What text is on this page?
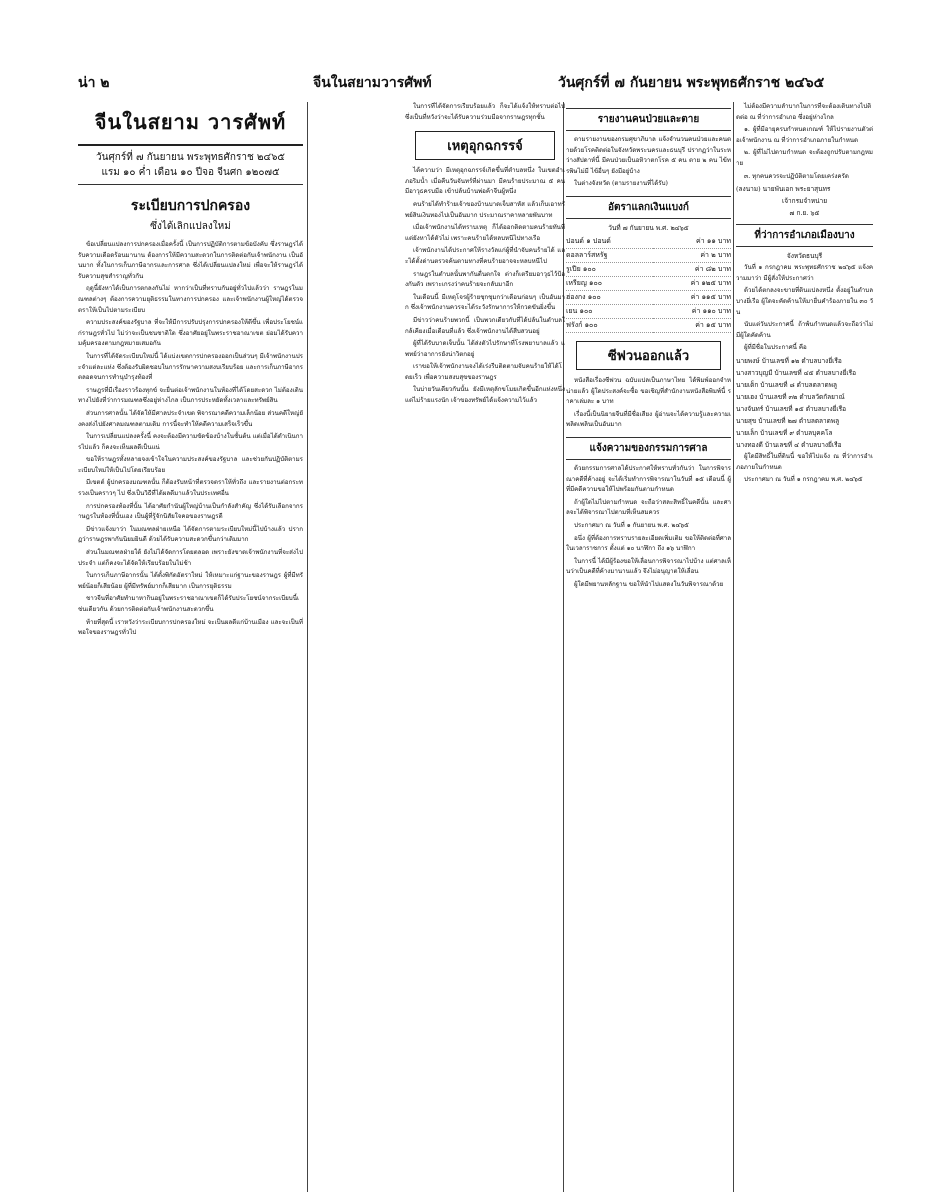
น่า ๒	จีนในสยามวารศัพท์	วันศุกร์ที่ ๗ กันยายน พระพุทธศักราช ๒๔๖๕
จีนในสยาม วารศัพท์
วันศุกร์ที่ ๗ กันยายน พระพุทธศักราช ๒๔๖๕
แรม ๑๐ ค่ำ เดือน ๑๐ ปีจอ จีนศก ๑๒๐๗๕
ระเบียบการปกครอง
ซึ่งได้เลิกแปลงใหม่

ข้อเปลี่ยนแปลงการปกครองเมื่อครั้งนี้ เป็นการปฏิบัติการตามข้อบังคับ ซึ่งราษฎรได้รับความเดือดร้อนมานาน ต้องการให้มีความสะดวกในการติดต่อกับเจ้าพนักงาน เป็นอันมาก ทั้งในการเก็บภาษีอากรและการศาล ซึ่งได้เปลี่ยนแปลงใหม่ เพื่อจะให้ราษฎรได้รับความสุขสำราญทั่วกัน

ฤดูนี้ยังหาได้เป็นการตกลงกันไม่ หากว่าเป็นที่ทราบกันอยู่ทั่วไปแล้วว่า ราษฎรในมณฑลต่างๆ ต้องการความยุติธรรมในทางการปกครอง และเจ้าพนักงานผู้ใหญ่ได้ตรวจตราให้เป็นไปตามระเบียบ

ความประสงค์ของรัฐบาล ที่จะให้มีการปรับปรุงการปกครองให้ดีขึ้น เพื่อประโยชน์แก่ราษฎรทั่วไป ไม่ว่าจะเป็นชนชาติใด ซึ่งอาศัยอยู่ในพระราชอาณาเขต ย่อมได้รับความคุ้มครองตามกฎหมายเสมอกัน

ในการที่ได้จัดระเบียบใหม่นี้ ได้แบ่งเขตการปกครองออกเป็นส่วนๆ มีเจ้าพนักงานประจำแต่ละแห่ง ซึ่งต้องรับผิดชอบในการรักษาความสงบเรียบร้อย และการเก็บภาษีอากร ตลอดจนการทำนุบำรุงท้องที่

ราษฎรที่มีเรื่องราวร้องทุกข์ จะยื่นต่อเจ้าพนักงานในท้องที่ได้โดยสะดวก ไม่ต้องเดินทางไปยังที่ว่าการมณฑลซึ่งอยู่ห่างไกล เป็นการประหยัดทั้งเวลาและทรัพย์สิน

ส่วนการศาลนั้น ได้จัดให้มีศาลประจำเขต พิจารณาคดีความเล็กน้อย ส่วนคดีใหญ่ยังคงส่งไปยังศาลมณฑลตามเดิม การนี้จะทำให้คดีความเสร็จเร็วขึ้น

ในการเปลี่ยนแปลงครั้งนี้ คงจะต้องมีความขัดข้องบ้างในชั้นต้น แต่เมื่อได้ดำเนินการไปแล้ว ก็คงจะเห็นผลดีเป็นแน่

ขอให้ราษฎรทั้งหลายจงเข้าใจในความประสงค์ของรัฐบาล และช่วยกันปฏิบัติตามระเบียบใหม่ให้เป็นไปโดยเรียบร้อย

มีเขตต์ ผู้ปกครองมณฑลนั้น ก็ต้องรับหน้าที่ตรวจตราให้ทั่วถึง และรายงานต่อกระทรวงเป็นคราวๆ ไป ซึ่งเป็นวิธีที่ได้ผลดีมาแล้วในประเทศอื่น

การปกครองท้องที่นั้น ได้อาศัยกำนันผู้ใหญ่บ้านเป็นกำลังสำคัญ ซึ่งได้รับเลือกจากราษฎรในท้องที่นั้นเอง เป็นผู้ที่รู้จักนิสัยใจคอของราษฎรดี

มีข่าวแจ้งมาว่า ในมณฑลฝ่ายเหนือ ได้จัดการตามระเบียบใหม่นี้ไปบ้างแล้ว ปรากฏว่าราษฎรพากันนิยมยินดี ด้วยได้รับความสะดวกขึ้นกว่าเดิมมาก

ส่วนในมณฑลฝ่ายใต้ ยังไม่ได้จัดการโดยตลอด เพราะยังขาดเจ้าพนักงานที่จะส่งไปประจำ แต่ก็คงจะได้จัดให้เรียบร้อยในไม่ช้า

ในการเก็บภาษีอากรนั้น ได้ตั้งพิกัดอัตราใหม่ ให้เหมาะแก่ฐานะของราษฎร ผู้ที่มีทรัพย์น้อยก็เสียน้อย ผู้ที่มีทรัพย์มากก็เสียมาก เป็นการยุติธรรม

ชาวจีนที่อาศัยทำมาหากินอยู่ในพระราชอาณาเขตก็ได้รับประโยชน์จากระเบียบนี้เช่นเดียวกัน ด้วยการติดต่อกับเจ้าพนักงานสะดวกขึ้น

ท้ายที่สุดนี้ เราหวังว่าระเบียบการปกครองใหม่ จะเป็นผลดีแก่บ้านเมือง และจะเป็นที่พอใจของราษฎรทั่วไป

ในการที่ได้จัดการเรียบร้อยแล้ว ก็จะได้แจ้งให้ทราบต่อไป ซึ่งเป็นที่หวังว่าจะได้รับความร่วมมือจากราษฎรทุกชั้น

เหตุอุกฉกรรจ์

ได้ความว่า มีเหตุอุกฉกรรจ์เกิดขึ้นที่ตำบลหนึ่ง ในเขตอำเภอริมน้ำ เมื่อคืนวันจันทร์ที่ผ่านมา มีคนร้ายประมาณ ๕ คน มีอาวุธครบมือ เข้าปล้นบ้านพ่อค้าจีนผู้หนึ่ง

คนร้ายได้ทำร้ายเจ้าของบ้านบาดเจ็บสาหัส แล้วเก็บเอาทรัพย์สินเงินทองไปเป็นอันมาก ประมาณราคาหลายพันบาท

เมื่อเจ้าพนักงานได้ทราบเหตุ ก็ได้ออกติดตามคนร้ายทันที แต่ยังหาได้ตัวไม่ เพราะคนร้ายได้หลบหนีไปทางเรือ

เจ้าพนักงานได้ประกาศให้รางวัลแก่ผู้ที่นำจับคนร้ายได้ และได้ตั้งด่านตรวจค้นตามทางที่คนร้ายอาจจะหลบหนีไป

ราษฎรในตำบลนั้นพากันตื่นตกใจ ต่างก็เตรียมอาวุธไว้ป้องกันตัว เพราะเกรงว่าคนร้ายจะกลับมาอีก

ในเดือนนี้ มีเหตุโจรผู้ร้ายชุกชุมกว่าเดือนก่อนๆ เป็นอันมาก ซึ่งเจ้าพนักงานควรจะได้ระวังรักษาการให้กวดขันยิ่งขึ้น

มีข่าวว่าคนร้ายพวกนี้ เป็นพวกเดียวกับที่ได้ปล้นในตำบลใกล้เคียงเมื่อเดือนที่แล้ว ซึ่งเจ้าพนักงานได้สืบสวนอยู่

ผู้ที่ได้รับบาดเจ็บนั้น ได้ส่งตัวไปรักษาที่โรงพยาบาลแล้ว แพทย์ว่าอาการยังน่าวิตกอยู่

เราขอให้เจ้าพนักงานจงได้เร่งรีบติดตามจับคนร้ายให้ได้โดยเร็ว เพื่อความสงบสุขของราษฎร

ในบ่ายวันเดียวกันนั้น ยังมีเหตุลักขโมยเกิดขึ้นอีกแห่งหนึ่ง แต่ไม่ร้ายแรงนัก เจ้าของทรัพย์ได้แจ้งความไว้แล้ว

รายงานคนป่วยและตาย

ตามรายงานของกรมศุขาภิบาล แจ้งจำนวนคนป่วยและคนตายด้วยโรคติดต่อในจังหวัดพระนครและธนบุรี ปรากฏว่าในระหว่างสัปดาห์นี้ มีคนป่วยเป็นอหิวาตกโรค ๕ คน ตาย ๒ คน ไข้ทรพิษไม่มี ไข้อื่นๆ ยังมีอยู่บ้าง

ในต่างจังหวัด (ตามรายงานที่ได้รับ)

อัตราแลกเงินแบงก์
วันที่ ๗ กันยายน พ.ศ. ๒๔๖๕
ปอนด์ ๑ ปอนด์	ค่า ๑๑ บาท
ดอลลาร์สหรัฐ	ค่า ๒ บาท
รูเปีย ๑๐๐	ค่า ๘๒ บาท
เหรียญ ๑๐๐	ค่า ๑๒๕ บาท
ฮ่องกง ๑๐๐	ค่า ๑๑๕ บาท
เยน ๑๐๐	ค่า ๑๑๐ บาท
ฟรังก์ ๑๐๐	ค่า ๑๕ บาท
ซีฟวนออกแล้ว

หนังสือเรื่องซีฟวน ฉบับแปลเป็นภาษาไทย ได้พิมพ์ออกจำหน่ายแล้ว ผู้ใดประสงค์จะซื้อ ขอเชิญที่สำนักงานหนังสือพิมพ์นี้ ราคาเล่มละ ๑ บาท

เรื่องนี้เป็นนิยายจีนที่มีชื่อเสียง ผู้อ่านจะได้ความรู้และความเพลิดเพลินเป็นอันมาก

แจ้งความของกรรมการศาล

ด้วยกรรมการศาลได้ประกาศให้ทราบทั่วกันว่า ในการพิจารณาคดีที่ค้างอยู่ จะได้เริ่มทำการพิจารณาในวันที่ ๑๕ เดือนนี้ ผู้ที่มีคดีความขอให้ไปพร้อมกันตามกำหนด

ถ้าผู้ใดไม่ไปตามกำหนด จะถือว่าสละสิทธิ์ในคดีนั้น และศาลจะได้พิจารณาไปตามที่เห็นสมควร

ประกาศมา ณ วันที่ ๑ กันยายน พ.ศ. ๒๔๖๕

อนึ่ง ผู้ที่ต้องการทราบรายละเอียดเพิ่มเติม ขอให้ติดต่อที่ศาลในเวลาราชการ ตั้งแต่ ๑๐ นาฬิกา ถึง ๑๖ นาฬิกา

ในการนี้ ได้มีผู้ร้องขอให้เลื่อนการพิจารณาไปบ้าง แต่ศาลเห็นว่าเป็นคดีที่ค้างมานานแล้ว จึงไม่อนุญาตให้เลื่อน

ผู้ใดมีพยานหลักฐาน ขอให้นำไปแสดงในวันพิจารณาด้วย

ไม่ต้องมีความลำบากในการที่จะต้องเดินทางไปติดต่อ ณ ที่ว่าการอำเภอ ซึ่งอยู่ห่างไกล

๑. ผู้ที่มีอายุครบกำหนดเกณฑ์ ให้ไปรายงานตัวต่อเจ้าพนักงาน ณ ที่ว่าการอำเภอภายในกำหนด

๒. ผู้ที่ไม่ไปตามกำหนด จะต้องถูกปรับตามกฎหมาย

๓. ทุกคนควรจะปฏิบัติตามโดยเคร่งครัด

(ลงนาม) นายพันเอก พระยาสุนทร
เจ้ากรมจำหน่าย
๗ ก.ย. ๖๕
ที่ว่าการอำเภอเมืองบาง
จังหวัดธนบุรี

วันที่ ๑ กรกฎาคม พระพุทธศักราช ๒๔๖๕ แจ้งความมาว่า มีผู้สั่งให้ประกาศว่า

ด้วยได้ตกลงจะขายที่ดินแปลงหนึ่ง ตั้งอยู่ในตำบลบางยี่เรือ ผู้ใดจะคัดค้านให้มายื่นคำร้องภายใน ๓๐ วัน

นับแต่วันประกาศนี้ ถ้าพ้นกำหนดแล้วจะถือว่าไม่มีผู้ใดคัดค้าน

ผู้ที่มีชื่อในประกาศนี้ คือ

นายพงษ์ บ้านเลขที่ ๑๒ ตำบลบางยี่เรือ
นางสาวบุญมี บ้านเลขที่ ๔๕ ตำบลบางยี่เรือ
นายเต็ก บ้านเลขที่ ๘ ตำบลตลาดพลู
นายเฮง บ้านเลขที่ ๓๒ ตำบลวัดกัลยาณ์
นางจันทร์ บ้านเลขที่ ๑๕ ตำบลบางยี่เรือ
นายสุข บ้านเลขที่ ๒๗ ตำบลตลาดพลู
นายเล็ก บ้านเลขที่ ๙ ตำบลบุคคโล
นางทองดี บ้านเลขที่ ๔ ตำบลบางยี่เรือ

ผู้ใดมีสิทธิ์ในที่ดินนี้ ขอให้ไปแจ้ง ณ ที่ว่าการอำเภอภายในกำหนด

ประกาศมา ณ วันที่ ๑ กรกฎาคม พ.ศ. ๒๔๖๕
